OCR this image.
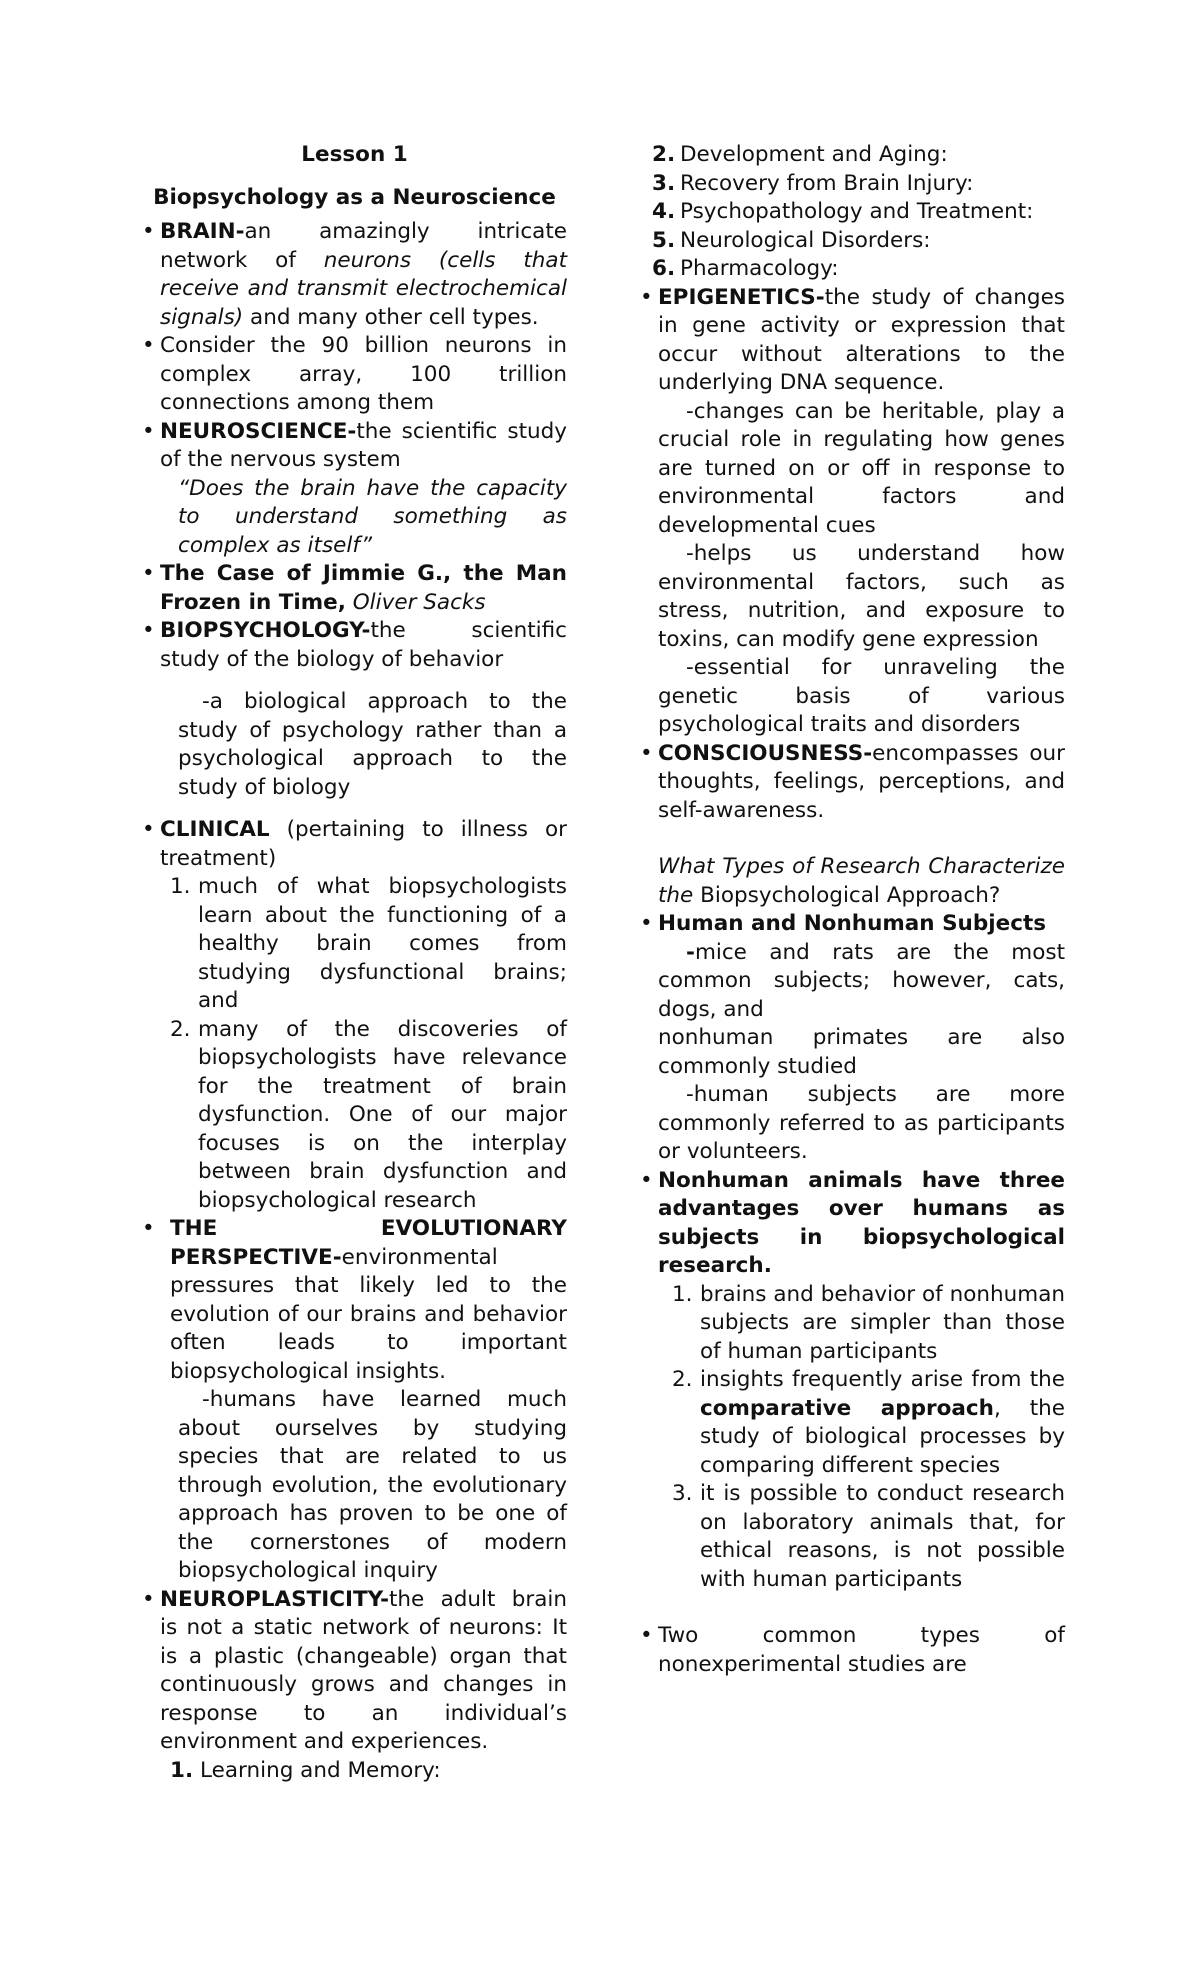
Lesson 1

Biopsychology as a Neuroscience

• BRAIN-an amazingly intricate network of neurons (cells that receive and transmit electrochemical signals) and many other cell types.

• Consider the 90 billion neurons in complex array, 100 trillion connections among them

• NEUROSCIENCE-the scientific study of the nervous system

“Does the brain have the capacity to understand something as complex as itself”

• The Case of Jimmie G., the Man Frozen in Time, Oliver Sacks

• BIOPSYCHOLOGY-the scientific study of the biology of behavior

-a biological approach to the study of psychology rather than a psychological approach to the study of biology

• CLINICAL (pertaining to illness or treatment)

1. much of what biopsychologists learn about the functioning of a healthy brain comes from studying dysfunctional brains; and

2. many of the discoveries of biopsychologists have relevance for the treatment of brain dysfunction. One of our major focuses is on the interplay between brain dysfunction and biopsychological research

• THE	EVOLUTIONARY
PERSPECTIVE-environmental pressures that likely led to the evolution of our brains and behavior often leads to important biopsychological insights.

-humans have learned much about ourselves by studying species that are related to us through evolution, the evolutionary approach has proven to be one of the cornerstones of modern biopsychological inquiry

• NEUROPLASTICITY-the adult brain is not a static network of neurons: It is a plastic (changeable) organ that continuously grows and changes in response to an individual’s environment and experiences.

1. Learning and Memory:

2. Development and Aging:

3. Recovery from Brain Injury:

4. Psychopathology and Treatment:

5. Neurological Disorders:

6. Pharmacology:

• EPIGENETICS-the study of changes in gene activity or expression that occur without alterations to the underlying DNA sequence.

-changes can be heritable, play a crucial role in regulating how genes are turned on or off in response to environmental factors and developmental cues

-helps us understand how environmental factors, such as stress, nutrition, and exposure to toxins, can modify gene expression

-essential for unraveling the genetic basis of various psychological traits and disorders

• CONSCIOUSNESS-encompasses our thoughts, feelings, perceptions, and self-awareness.

What Types of Research Characterize the Biopsychological Approach?

• Human and Nonhuman Subjects

-mice and rats are the most common subjects; however, cats, dogs, and

nonhuman primates are also commonly studied

-human subjects are more commonly referred to as participants or volunteers.

• Nonhuman animals have three advantages over humans as subjects in biopsychological research.

1. brains and behavior of nonhuman subjects are simpler than those of human participants

2. insights frequently arise from the comparative approach, the study of biological processes by comparing different species

3. it is possible to conduct research on laboratory animals that, for ethical reasons, is not possible with human participants

• Two common types of nonexperimental studies are
